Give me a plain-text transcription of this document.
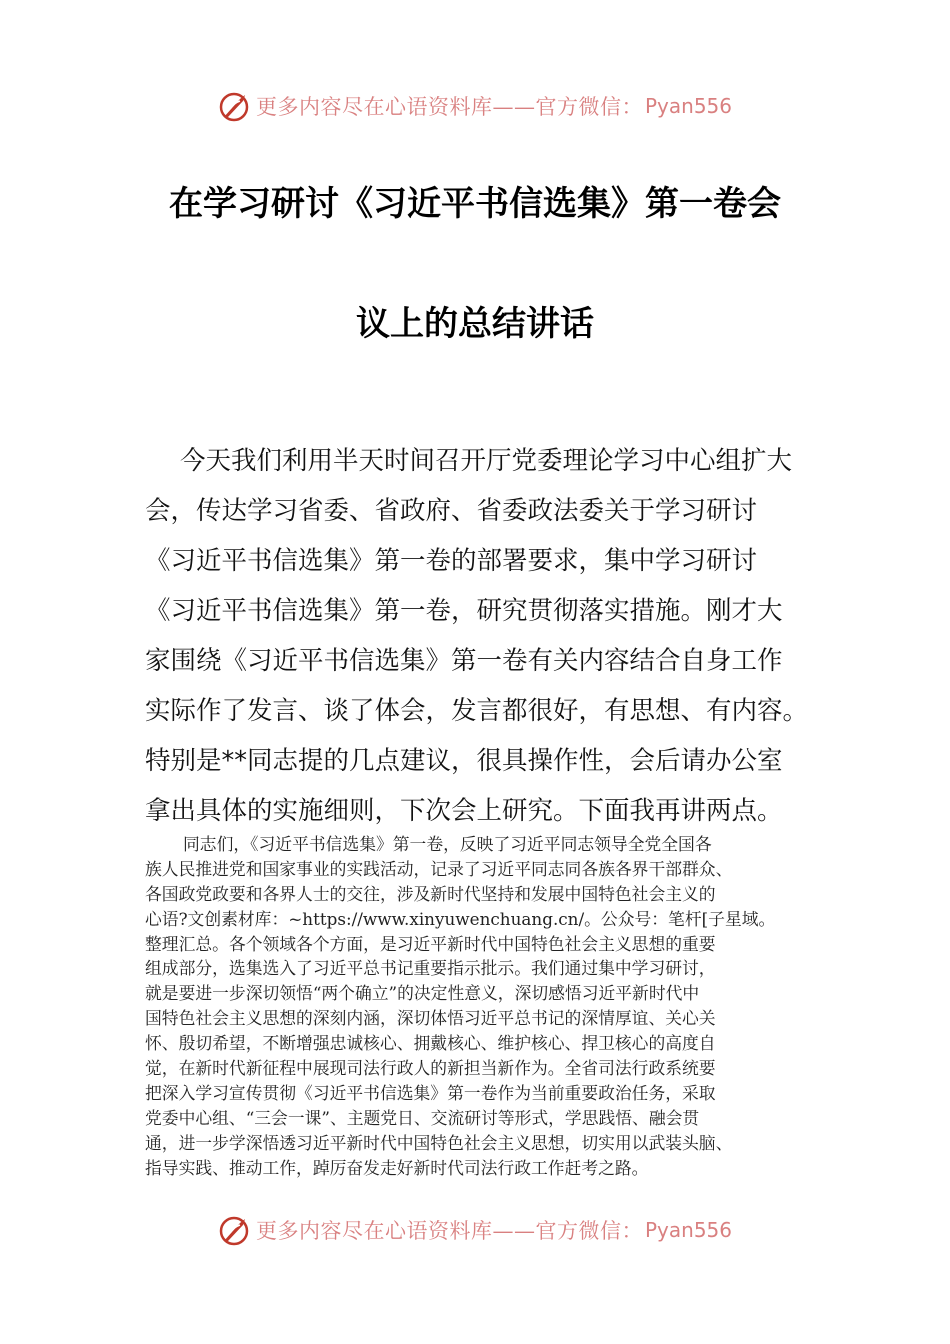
更多内容尽在心语资料库——官方微信： Pyan556
在学习研讨《习近平书信选集》第一卷会
议上的总结讲话
今天我们利用半天时间召开厅党委理论学习中心组扩大
会，传达学习省委、省政府、省委政法委关于学习研讨
《习近平书信选集》第一卷的部署要求，集中学习研讨
《习近平书信选集》第一卷，研究贯彻落实措施。刚才大
家围绕《习近平书信选集》第一卷有关内容结合自身工作
实际作了发言、谈了体会，发言都很好，有思想、有内容。
特别是**同志提的几点建议，很具操作性，会后请办公室
拿出具体的实施细则，下次会上研究。下面我再讲两点。
同志们，《习近平书信选集》第一卷，反映了习近平同志领导全党全国各
族人民推进党和国家事业的实践活动，记录了习近平同志同各族各界干部群众、
各国政党政要和各界人士的交往，涉及新时代坚持和发展中国特色社会主义的
心语?文创素材库：~https://www.xinyuwenchuang.cn/。公众号：笔杆[子星域。
整理汇总。各个领域各个方面，是习近平新时代中国特色社会主义思想的重要
组成部分，选集选入了习近平总书记重要指示批示。我们通过集中学习研讨，
就是要进一步深切领悟“两个确立”的决定性意义，深切感悟习近平新时代中
国特色社会主义思想的深刻内涵，深切体悟习近平总书记的深情厚谊、关心关
怀、殷切希望，不断增强忠诚核心、拥戴核心、维护核心、捍卫核心的高度自
觉，在新时代新征程中展现司法行政人的新担当新作为。全省司法行政系统要
把深入学习宣传贯彻《习近平书信选集》第一卷作为当前重要政治任务，采取
党委中心组、“三会一课”、主题党日、交流研讨等形式，学思践悟、融会贯
通，进一步学深悟透习近平新时代中国特色社会主义思想，切实用以武装头脑、
指导实践、推动工作，踔厉奋发走好新时代司法行政工作赶考之路。
更多内容尽在心语资料库——官方微信： Pyan556
